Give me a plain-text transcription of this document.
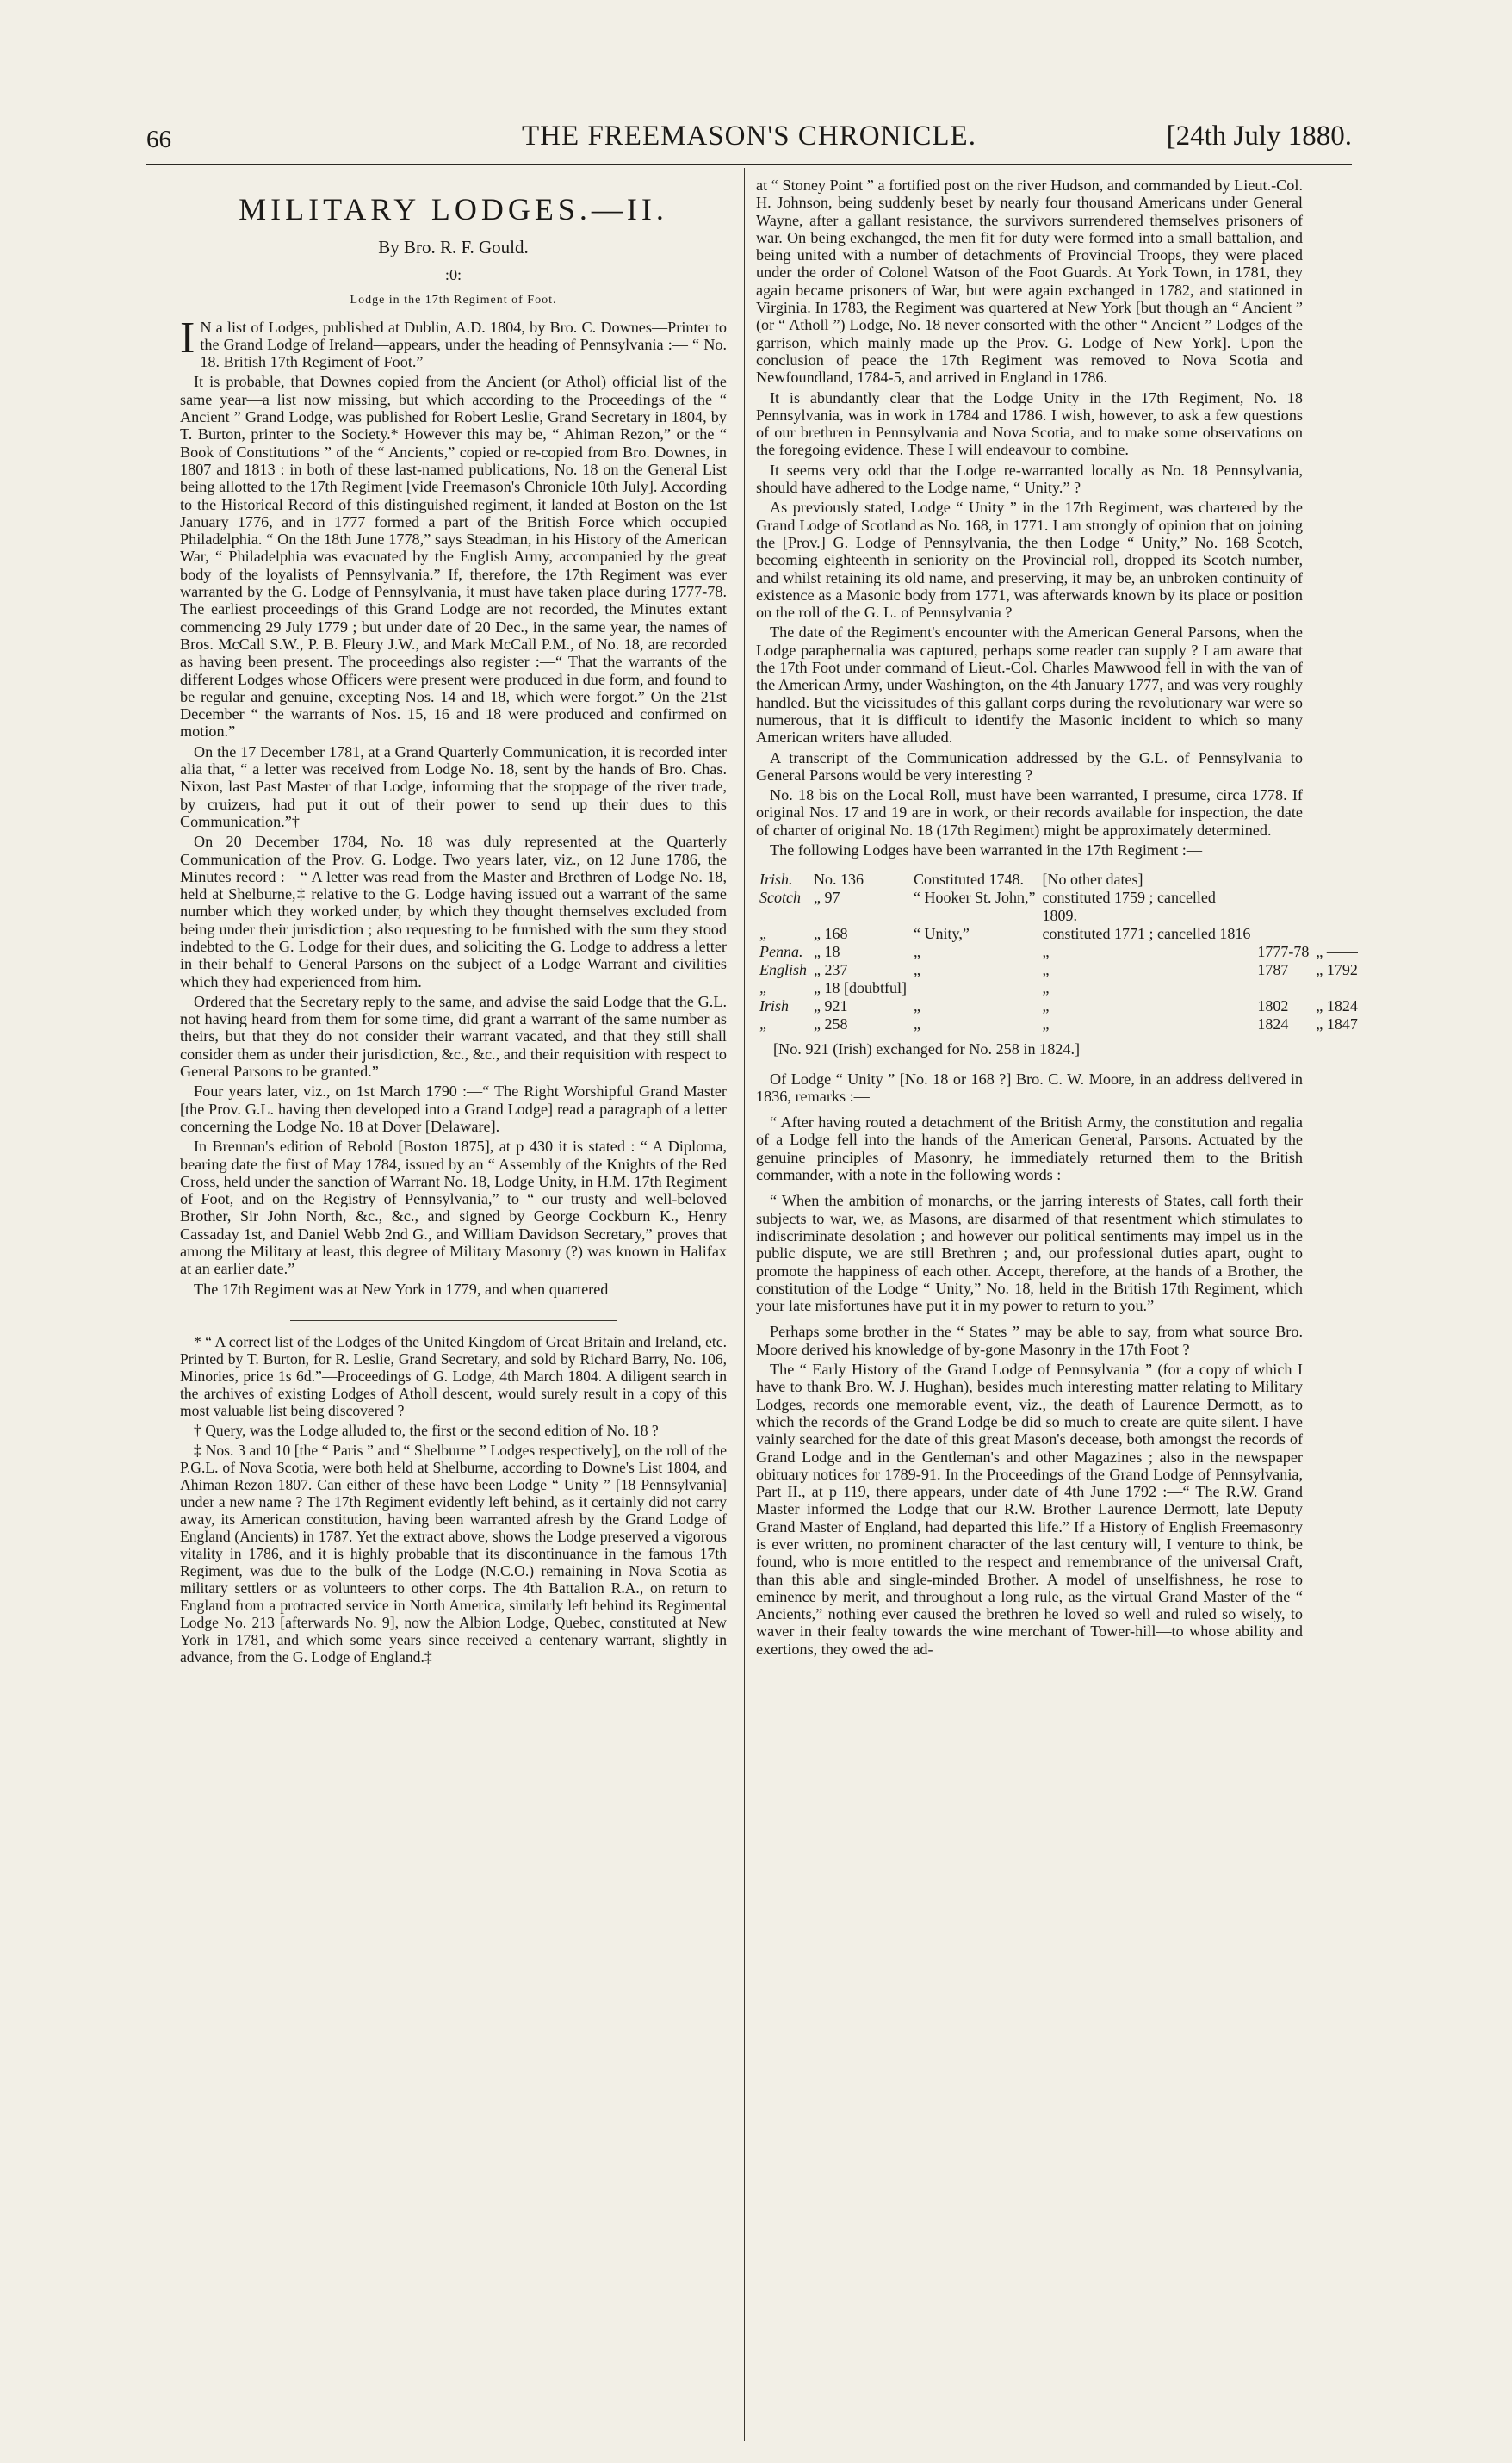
66	THE FREEMASON'S CHRONICLE.	[24th July 1880.
MILITARY LODGES.—II.
By Bro. R. F. Gould.
—:0:—
Lodge in the 17th Regiment of Foot.

I N a list of Lodges, published at Dublin, A.D. 1804, by Bro. C. Downes—Printer to the Grand Lodge of Ireland—appears, under the heading of Pennsylvania :— “ No. 18. British 17th Regiment of Foot.”

It is probable, that Downes copied from the Ancient (or Athol) official list of the same year—a list now missing, but which according to the Proceedings of the “ Ancient ” Grand Lodge, was published for Robert Leslie, Grand Secretary in 1804, by T. Burton, printer to the Society.* However this may be, “ Ahiman Rezon,” or the “ Book of Constitutions ” of the “ Ancients,” copied or re-copied from Bro. Downes, in 1807 and 1813 : in both of these last-named publications, No. 18 on the General List being allotted to the 17th Regiment [vide Freemason's Chronicle 10th July]. According to the Historical Record of this distinguished regiment, it landed at Boston on the 1st January 1776, and in 1777 formed a part of the British Force which occupied Philadelphia. “ On the 18th June 1778,” says Steadman, in his History of the American War, “ Philadelphia was evacuated by the English Army, accompanied by the great body of the loyalists of Pennsylvania.” If, therefore, the 17th Regiment was ever warranted by the G. Lodge of Pennsylvania, it must have taken place during 1777-78. The earliest proceedings of this Grand Lodge are not recorded, the Minutes extant commencing 29 July 1779 ; but under date of 20 Dec., in the same year, the names of Bros. McCall S.W., P. B. Fleury J.W., and Mark McCall P.M., of No. 18, are recorded as having been present. The proceedings also register :—“ That the warrants of the different Lodges whose Officers were present were produced in due form, and found to be regular and genuine, excepting Nos. 14 and 18, which were forgot.” On the 21st December “ the warrants of Nos. 15, 16 and 18 were produced and confirmed on motion.”

On the 17 December 1781, at a Grand Quarterly Communication, it is recorded inter alia that, “ a letter was received from Lodge No. 18, sent by the hands of Bro. Chas. Nixon, last Past Master of that Lodge, informing that the stoppage of the river trade, by cruizers, had put it out of their power to send up their dues to this Communication.”†

On 20 December 1784, No. 18 was duly represented at the Quarterly Communication of the Prov. G. Lodge. Two years later, viz., on 12 June 1786, the Minutes record :—“ A letter was read from the Master and Brethren of Lodge No. 18, held at Shelburne,‡ relative to the G. Lodge having issued out a warrant of the same number which they worked under, by which they thought themselves excluded from being under their jurisdiction ; also requesting to be furnished with the sum they stood indebted to the G. Lodge for their dues, and soliciting the G. Lodge to address a letter in their behalf to General Parsons on the subject of a Lodge Warrant and civilities which they had experienced from him.

Ordered that the Secretary reply to the same, and advise the said Lodge that the G.L. not having heard from them for some time, did grant a warrant of the same number as theirs, but that they do not consider their warrant vacated, and that they still shall consider them as under their jurisdiction, &c., &c., and their requisition with respect to General Parsons to be granted.”

Four years later, viz., on 1st March 1790 :—“ The Right Worshipful Grand Master [the Prov. G.L. having then developed into a Grand Lodge] read a paragraph of a letter concerning the Lodge No. 18 at Dover [Delaware].

In Brennan's edition of Rebold [Boston 1875], at p 430 it is stated : “ A Diploma, bearing date the first of May 1784, issued by an “ Assembly of the Knights of the Red Cross, held under the sanction of Warrant No. 18, Lodge Unity, in H.M. 17th Regiment of Foot, and on the Registry of Pennsylvania,” to “ our trusty and well-beloved Brother, Sir John North, &c., &c., and signed by George Cockburn K., Henry Cassaday 1st, and Daniel Webb 2nd G., and William Davidson Secretary,” proves that among the Military at least, this degree of Military Masonry (?) was known in Halifax at an earlier date.”

The 17th Regiment was at New York in 1779, and when quartered

* “ A correct list of the Lodges of the United Kingdom of Great Britain and Ireland, etc. Printed by T. Burton, for R. Leslie, Grand Secretary, and sold by Richard Barry, No. 106, Minories, price 1s 6d.”—Proceedings of G. Lodge, 4th March 1804. A diligent search in the archives of existing Lodges of Atholl descent, would surely result in a copy of this most valuable list being discovered ?

† Query, was the Lodge alluded to, the first or the second edition of No. 18 ?

‡ Nos. 3 and 10 [the “ Paris ” and “ Shelburne ” Lodges respectively], on the roll of the P.G.L. of Nova Scotia, were both held at Shelburne, according to Downe's List 1804, and Ahiman Rezon 1807. Can either of these have been Lodge “ Unity ” [18 Pennsylvania] under a new name ? The 17th Regiment evidently left behind, as it certainly did not carry away, its American constitution, having been warranted afresh by the Grand Lodge of England (Ancients) in 1787. Yet the extract above, shows the Lodge preserved a vigorous vitality in 1786, and it is highly probable that its discontinuance in the famous 17th Regiment, was due to the bulk of the Lodge (N.C.O.) remaining in Nova Scotia as military settlers or as volunteers to other corps. The 4th Battalion R.A., on return to England from a protracted service in North America, similarly left behind its Regimental Lodge No. 213 [afterwards No. 9], now the Albion Lodge, Quebec, constituted at New York in 1781, and which some years since received a centenary warrant, slightly in advance, from the G. Lodge of England.‡

at “ Stoney Point ” a fortified post on the river Hudson, and commanded by Lieut.-Col. H. Johnson, being suddenly beset by nearly four thousand Americans under General Wayne, after a gallant resistance, the survivors surrendered themselves prisoners of war. On being exchanged, the men fit for duty were formed into a small battalion, and being united with a number of detachments of Provincial Troops, they were placed under the order of Colonel Watson of the Foot Guards. At York Town, in 1781, they again became prisoners of War, but were again exchanged in 1782, and stationed in Virginia. In 1783, the Regiment was quartered at New York [but though an “ Ancient ” (or “ Atholl ”) Lodge, No. 18 never consorted with the other “ Ancient ” Lodges of the garrison, which mainly made up the Prov. G. Lodge of New York]. Upon the conclusion of peace the 17th Regiment was removed to Nova Scotia and Newfoundland, 1784-5, and arrived in England in 1786.

It is abundantly clear that the Lodge Unity in the 17th Regiment, No. 18 Pennsylvania, was in work in 1784 and 1786. I wish, however, to ask a few questions of our brethren in Pennsylvania and Nova Scotia, and to make some observations on the foregoing evidence. These I will endeavour to combine.

It seems very odd that the Lodge re-warranted locally as No. 18 Pennsylvania, should have adhered to the Lodge name, “ Unity.” ?

As previously stated, Lodge “ Unity ” in the 17th Regiment, was chartered by the Grand Lodge of Scotland as No. 168, in 1771. I am strongly of opinion that on joining the [Prov.] G. Lodge of Pennsylvania, the then Lodge “ Unity,” No. 168 Scotch, becoming eighteenth in seniority on the Provincial roll, dropped its Scotch number, and whilst retaining its old name, and preserving, it may be, an unbroken continuity of existence as a Masonic body from 1771, was afterwards known by its place or position on the roll of the G. L. of Pennsylvania ?

The date of the Regiment's encounter with the American General Parsons, when the Lodge paraphernalia was captured, perhaps some reader can supply ? I am aware that the 17th Foot under command of Lieut.-Col. Charles Mawwood fell in with the van of the American Army, under Washington, on the 4th January 1777, and was very roughly handled. But the vicissitudes of this gallant corps during the revolutionary war were so numerous, that it is difficult to identify the Masonic incident to which so many American writers have alluded.

A transcript of the Communication addressed by the G.L. of Pennsylvania to General Parsons would be very interesting ?

No. 18 bis on the Local Roll, must have been warranted, I presume, circa 1778. If original Nos. 17 and 19 are in work, or their records available for inspection, the date of charter of original No. 18 (17th Regiment) might be approximately determined.

The following Lodges have been warranted in the 17th Regiment :—

Irish.	No. 136	Constituted 1748.	[No other dates]		
Scotch	„ 97	“ Hooker St. John,”	constituted 1759 ; cancelled		
			1809.		
„	„ 168	“ Unity,”	constituted 1771 ; cancelled 1816		
Penna.	„ 18	„	„	1777-78	„ ——
English	„ 237	„	„	1787	„ 1792
„	„ 18 [doubtful]		„		
Irish	„ 921	„	„	1802	„ 1824
„	„ 258	„	„	1824	„ 1847

[No. 921 (Irish) exchanged for No. 258 in 1824.]

Of Lodge “ Unity ” [No. 18 or 168 ?] Bro. C. W. Moore, in an address delivered in 1836, remarks :—

“ After having routed a detachment of the British Army, the constitution and regalia of a Lodge fell into the hands of the American General, Parsons. Actuated by the genuine principles of Masonry, he immediately returned them to the British commander, with a note in the following words :—

“ When the ambition of monarchs, or the jarring interests of States, call forth their subjects to war, we, as Masons, are disarmed of that resentment which stimulates to indiscriminate desolation ; and however our political sentiments may impel us in the public dispute, we are still Brethren ; and, our professional duties apart, ought to promote the happiness of each other. Accept, therefore, at the hands of a Brother, the constitution of the Lodge “ Unity,” No. 18, held in the British 17th Regiment, which your late misfortunes have put it in my power to return to you.”

Perhaps some brother in the “ States ” may be able to say, from what source Bro. Moore derived his knowledge of by-gone Masonry in the 17th Foot ?

The “ Early History of the Grand Lodge of Pennsylvania ” (for a copy of which I have to thank Bro. W. J. Hughan), besides much interesting matter relating to Military Lodges, records one memorable event, viz., the death of Laurence Dermott, as to which the records of the Grand Lodge be did so much to create are quite silent. I have vainly searched for the date of this great Mason's decease, both amongst the records of Grand Lodge and in the Gentleman's and other Magazines ; also in the newspaper obituary notices for 1789-91. In the Proceedings of the Grand Lodge of Pennsylvania, Part II., at p 119, there appears, under date of 4th June 1792 :—“ The R.W. Grand Master informed the Lodge that our R.W. Brother Laurence Dermott, late Deputy Grand Master of England, had departed this life.” If a History of English Freemasonry is ever written, no prominent character of the last century will, I venture to think, be found, who is more entitled to the respect and remembrance of the universal Craft, than this able and single-minded Brother. A model of unselfishness, he rose to eminence by merit, and throughout a long rule, as the virtual Grand Master of the “ Ancients,” nothing ever caused the brethren he loved so well and ruled so wisely, to waver in their fealty towards the wine merchant of Tower-hill—to whose ability and exertions, they owed the ad-
